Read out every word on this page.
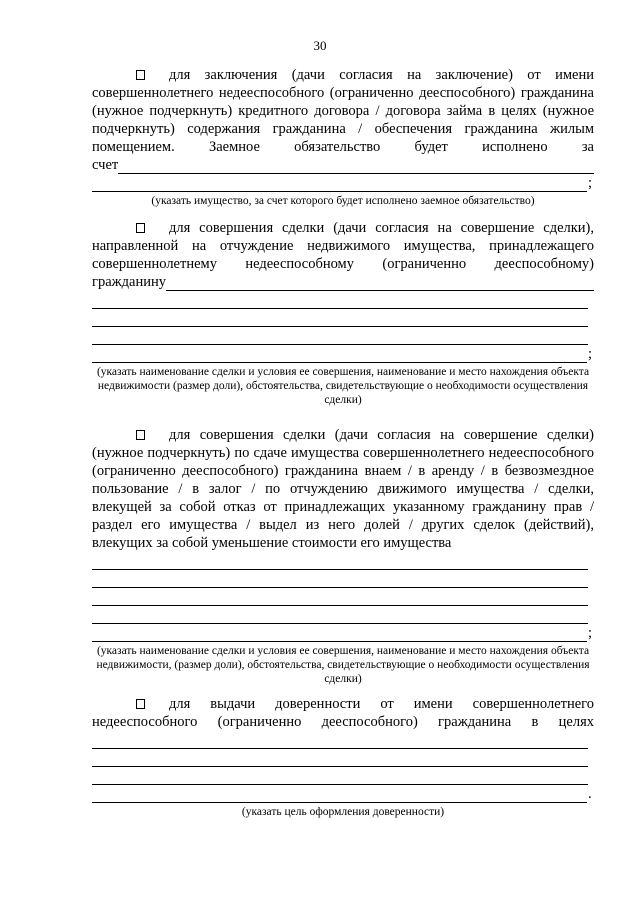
30

для заключения (дачи согласия на заключение) от имени совершеннолетнего недееспособного (ограниченно дееспособного) гражданина (нужное подчеркнуть) кредитного договора / договора займа в целях (нужное подчеркнуть) содержания гражданина / обеспечения гражданина жилым помещением. Заемное обязательство будет исполнено за

счет
;
(указать имущество, за счет которого будет исполнено заемное обязательство)

для совершения сделки (дачи согласия на совершение сделки), направленной на отчуждение недвижимого имущества, принадлежащего совершеннолетнему недееспособному (ограниченно дееспособному)

гражданину
;
(указать наименование сделки и условия ее совершения, наименование и место нахождения объекта недвижимости (размер доли), обстоятельства, свидетельствующие о необходимости осуществления сделки)

для совершения сделки (дачи согласия на совершение сделки) (нужное подчеркнуть) по сдаче имущества совершеннолетнего недееспособного (ограниченно дееспособного) гражданина внаем / в аренду / в безвозмездное пользование / в залог / по отчуждению движимого имущества / сделки, влекущей за собой отказ от принадлежащих указанному гражданину прав / раздел его имущества / выдел из него долей / других сделок (действий), влекущих за собой уменьшение стоимости его имущества

;
(указать наименование сделки и условия ее совершения, наименование и место нахождения объекта недвижимости, (размер доли), обстоятельства, свидетельствующие о необходимости осуществления сделки)

для выдачи доверенности от имени совершеннолетнего недееспособного (ограниченно дееспособного) гражданина в целях

.
(указать цель оформления доверенности)
